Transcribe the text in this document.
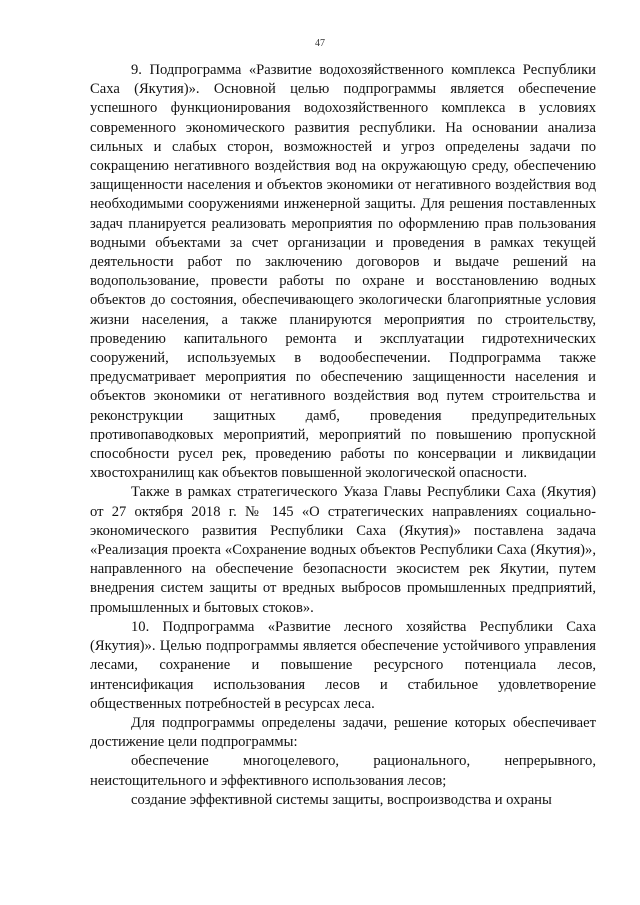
47

9. Подпрограмма «Развитие водохозяйственного комплекса Республики Саха (Якутия)». Основной целью подпрограммы является обеспечение успешного функционирования водохозяйственного комплекса в условиях современного экономического развития республики. На основании анализа сильных и слабых сторон, возможностей и угроз определены задачи по сокращению негативного воздействия вод на окружающую среду, обеспечению защищенности населения и объектов экономики от негативного воздействия вод необходимыми сооружениями инженерной защиты. Для решения поставленных задач планируется реализовать мероприятия по оформлению прав пользования водными объектами за счет организации и проведения в рамках текущей деятельности работ по заключению договоров и выдаче решений на водопользование, провести работы по охране и восстановлению водных объектов до состояния, обеспечивающего экологически благоприятные условия жизни населения, а также планируются мероприятия по строительству, проведению капитального ремонта и эксплуатации гидротехнических сооружений, используемых в водообеспечении. Подпрограмма также предусматривает мероприятия по обеспечению защищенности населения и объектов экономики от негативного воздействия вод путем строительства и реконструкции защитных дамб, проведения предупредительных противопаводковых мероприятий, мероприятий по повышению пропускной способности русел рек, проведению работы по консервации и ликвидации хвостохранилищ как объектов повышенной экологической опасности.

Также в рамках стратегического Указа Главы Республики Саха (Якутия) от 27 октября 2018 г. № 145 «О стратегических направлениях социально-экономического развития Республики Саха (Якутия)» поставлена задача «Реализация проекта «Сохранение водных объектов Республики Саха (Якутия)», направленного на обеспечение безопасности экосистем рек Якутии, путем внедрения систем защиты от вредных выбросов промышленных предприятий, промышленных и бытовых стоков».

10. Подпрограмма «Развитие лесного хозяйства Республики Саха (Якутия)». Целью подпрограммы является обеспечение устойчивого управления лесами, сохранение и повышение ресурсного потенциала лесов, интенсификация использования лесов и стабильное удовлетворение общественных потребностей в ресурсах леса.

Для подпрограммы определены задачи, решение которых обеспечивает достижение цели подпрограммы:

обеспечение многоцелевого, рационального, непрерывного, неистощительного и эффективного использования лесов;

создание эффективной системы защиты, воспроизводства и охраны
